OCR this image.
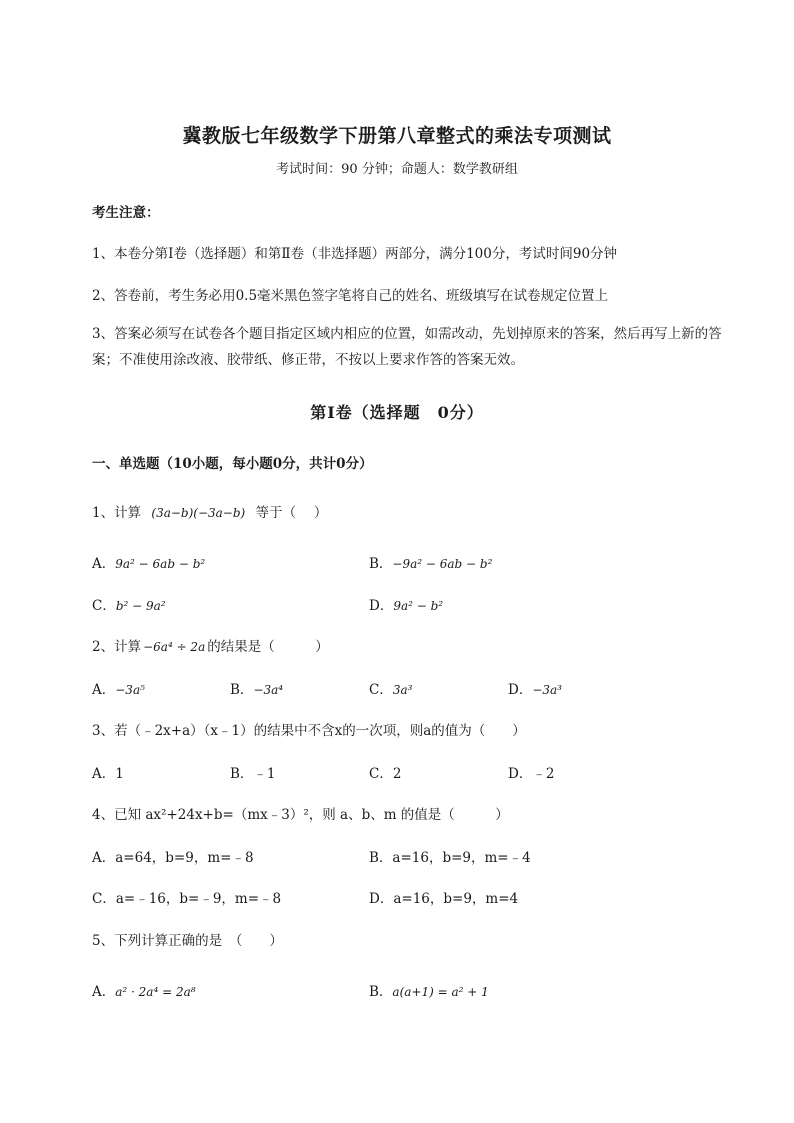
冀教版七年级数学下册第八章整式的乘法专项测试
考试时间：90 分钟；命题人：数学教研组
考生注意：
1、本卷分第Ⅰ卷（选择题）和第Ⅱ卷（非选择题）两部分，满分100分，考试时间90分钟
2、答卷前，考生务必用0.5毫米黑色签字笔将自己的姓名、班级填写在试卷规定位置上
3、答案必须写在试卷各个题目指定区域内相应的位置，如需改动，先划掉原来的答案，然后再写上新的答案；不准使用涂改液、胶带纸、修正带，不按以上要求作答的答案无效。
第Ⅰ卷（选择题　0分）
一、单选题（10小题，每小题0分，共计0分）
1、计算 (3a−b)(−3a−b) 等于（　 ）
A．9a² − 6ab − b²	B．−9a² − 6ab − b²
C．b² − 9a²	D．9a² − b²
2、计算 −6a⁴ ÷ 2a 的结果是（　　　）
A．−3a⁵	B．−3a⁴	C．3a³	D．−3a³
3、若（﹣2x+a）（x﹣1）的结果中不含x的一次项，则a的值为（　　）
A．1	B．﹣1	C．2	D．﹣2
4、已知 ax²+24x+b=（mx﹣3）²，则 a、b、m 的值是（　　　）
A．a=64，b=9，m=﹣8	B．a=16，b=9，m=﹣4
C．a=﹣16，b=﹣9，m=﹣8	D．a=16，b=9，m=4
5、下列计算正确的是　（　　）
A．a² · 2a⁴ = 2a⁸	B．a(a+1) = a² + 1
